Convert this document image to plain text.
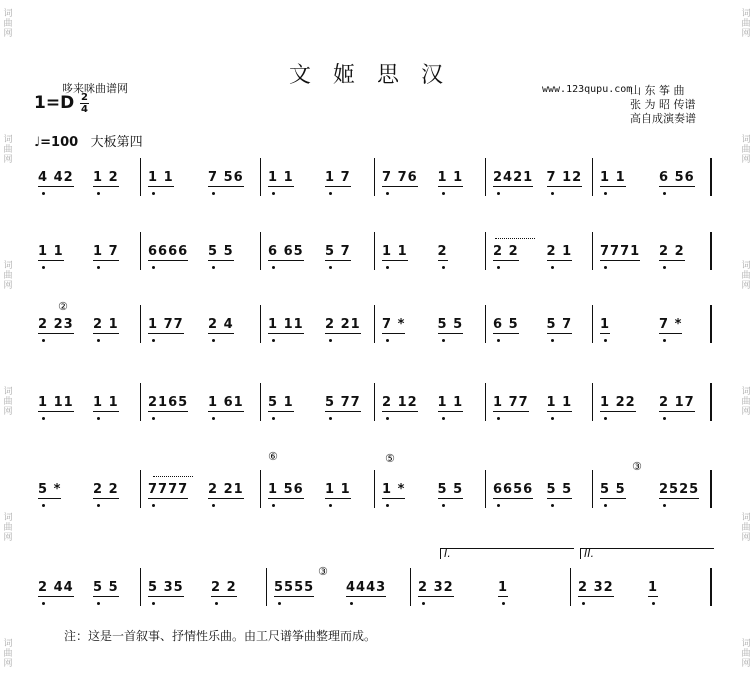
词曲网
词曲网
词曲网
词曲网
词曲网
词曲网
词曲网
词曲网
词曲网
词曲网
词曲网
词曲网
文姬思汉
哆来咪曲谱网
1=D 2
4
www.123qupu.com
山 东 筝 曲
张 为 昭 传谱
高自成演奏谱
♩=100 大板第四
4 42 1 2 1 1	7 56 1 1 1 7 7 76 1 1 2421 7 12 1 1	6 56
1 1 1 7 6666 5 5	6 65 5 7 1 1 2	2 2 2 1 7771 2 2
2 23 2 1 1 77 2 4	1 11 2 21 7 * 5 5 6 5 5 7 1	7 *
1 11 1 1 2165 1 61 5 1 5 77 2 12 1 1 1 77 1 1 1 22 2 17
5 * 2 2 7777 2 21 1 56 1 1 1 * 5 5 6656 5 5 5 5	2525
2 44 5 5 5 35 2 2	5555 4443 2 32	1	2 32	1
注：这是一首叙事、抒情性乐曲。由工尺谱筝曲整理而成。
②
⑥	⑤
③
③
I.	II.
